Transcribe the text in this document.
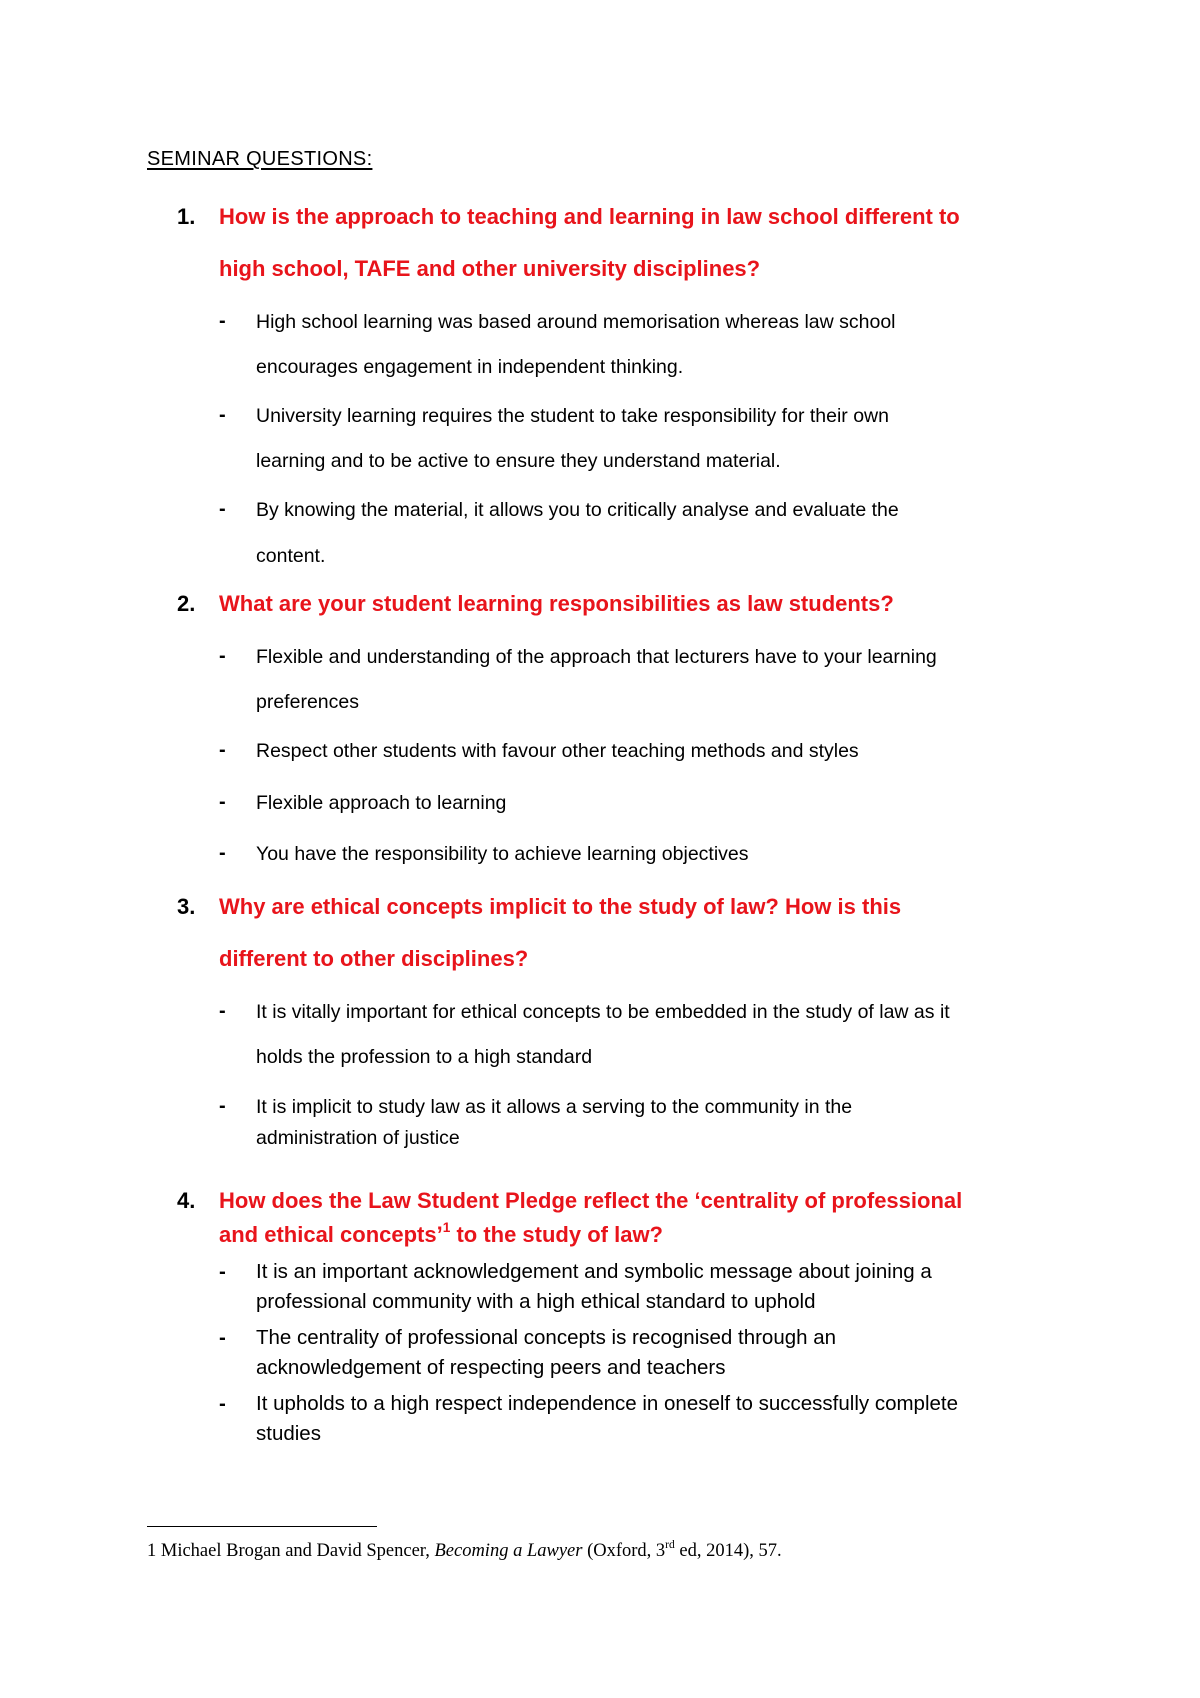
SEMINAR QUESTIONS:
1.	How is the approach to teaching and learning in law school different to
high school, TAFE and other university disciplines?
-	High school learning was based around memorisation whereas law school
encourages engagement in independent thinking.
-	University learning requires the student to take responsibility for their own
learning and to be active to ensure they understand material.
-	By knowing the material, it allows you to critically analyse and evaluate the
content.
2.	What are your student learning responsibilities as law students?
-	Flexible and understanding of the approach that lecturers have to your learning
preferences
-	Respect other students with favour other teaching methods and styles
-	Flexible approach to learning
-	You have the responsibility to achieve learning objectives
3.	Why are ethical concepts implicit to the study of law? How is this
different to other disciplines?
-	It is vitally important for ethical concepts to be embedded in the study of law as it
holds the profession to a high standard
-	It is implicit to study law as it allows a serving to the community in the
administration of justice
4.	How does the Law Student Pledge reflect the ‘centrality of professional
and ethical concepts’$^1$ to the study of law?
-	It is an important acknowledgement and symbolic message about joining a
professional community with a high ethical standard to uphold
-	The centrality of professional concepts is recognised through an
acknowledgement of respecting peers and teachers
-	It upholds to a high respect independence in oneself to successfully complete
studies
1 Michael Brogan and David Spencer, Becoming a Lawyer (Oxford, 3rd ed, 2014), 57.
